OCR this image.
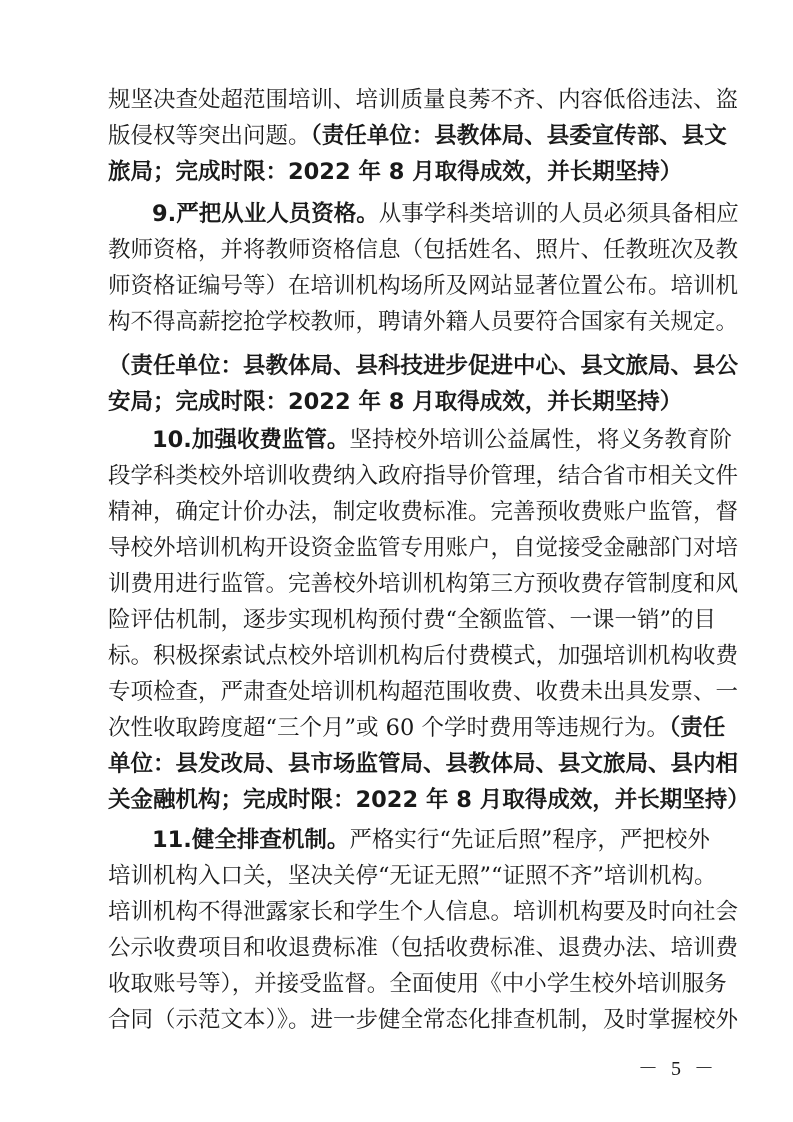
规坚决查处超范围培训、培训质量良莠不齐、内容低俗违法、盗
版侵权等突出问题。（责任单位：县教体局、县委宣传部、县文
旅局；完成时限：2022 年 8 月取得成效，并长期坚持）
9.严把从业人员资格。从事学科类培训的人员必须具备相应
教师资格，并将教师资格信息（包括姓名、照片、任教班次及教
师资格证编号等）在培训机构场所及网站显著位置公布。培训机
构不得高薪挖抢学校教师，聘请外籍人员要符合国家有关规定。
（责任单位：县教体局、县科技进步促进中心、县文旅局、县公
安局；完成时限：2022 年 8 月取得成效，并长期坚持）
10.加强收费监管。坚持校外培训公益属性，将义务教育阶
段学科类校外培训收费纳入政府指导价管理，结合省市相关文件
精神，确定计价办法，制定收费标准。完善预收费账户监管，督
导校外培训机构开设资金监管专用账户，自觉接受金融部门对培
训费用进行监管。完善校外培训机构第三方预收费存管制度和风
险评估机制，逐步实现机构预付费“全额监管、一课一销”的目
标。积极探索试点校外培训机构后付费模式，加强培训机构收费
专项检查，严肃查处培训机构超范围收费、收费未出具发票、一
次性收取跨度超“三个月”或 60 个学时费用等违规行为。（责任
单位：县发改局、县市场监管局、县教体局、县文旅局、县内相
关金融机构；完成时限：2022 年 8 月取得成效，并长期坚持）
11.健全排查机制。严格实行“先证后照”程序，严把校外
培训机构入口关，坚决关停“无证无照”“证照不齐”培训机构。
培训机构不得泄露家长和学生个人信息。培训机构要及时向社会
公示收费项目和收退费标准（包括收费标准、退费办法、培训费
收取账号等），并接受监督。全面使用《中小学生校外培训服务
合同（示范文本）》。进一步健全常态化排查机制，及时掌握校外
－ 5 －
